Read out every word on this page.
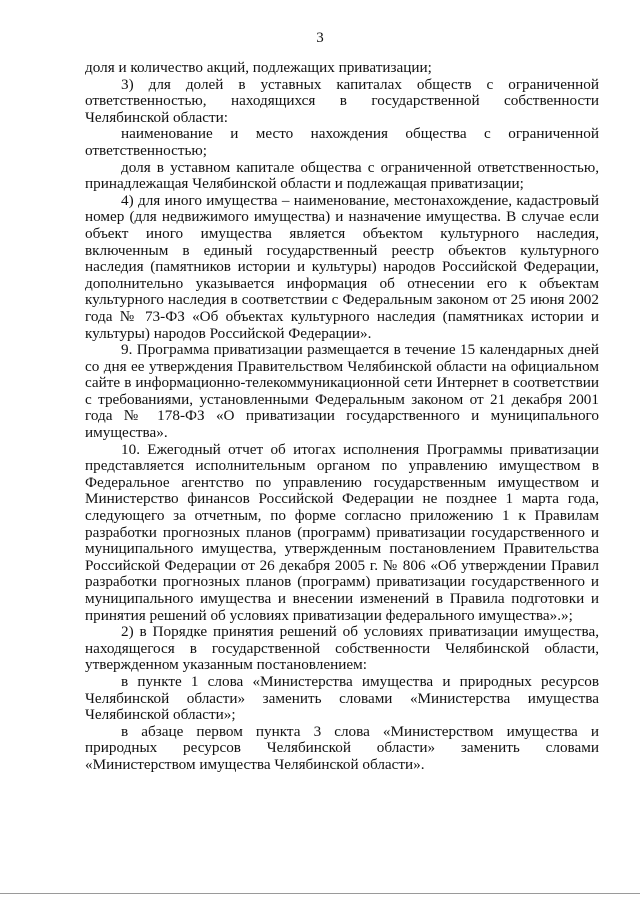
3

доля и количество акций, подлежащих приватизации;

3) для долей в уставных капиталах обществ с ограниченной ответственностью, находящихся в государственной собственности Челябинской области:

наименование и место нахождения общества с ограниченной ответственностью;

доля в уставном капитале общества с ограниченной ответственностью, принадлежащая Челябинской области и подлежащая приватизации;

4) для иного имущества – наименование, местонахождение, кадастровый номер (для недвижимого имущества) и назначение имущества. В случае если объект иного имущества является объектом культурного наследия, включенным в единый государственный реестр объектов культурного наследия (памятников истории и культуры) народов Российской Федерации, дополнительно указывается информация об отнесении его к объектам культурного наследия в соответствии с Федеральным законом от 25 июня 2002 года № 73-ФЗ «Об объектах культурного наследия (памятниках истории и культуры) народов Российской Федерации».

9. Программа приватизации размещается в течение 15 календарных дней со дня ее утверждения Правительством Челябинской области на официальном сайте в информационно-телекоммуникационной сети Интернет в соответствии с требованиями, установленными Федеральным законом от 21 декабря 2001 года № 178-ФЗ «О приватизации государственного и муниципального имущества».

10. Ежегодный отчет об итогах исполнения Программы приватизации представляется исполнительным органом по управлению имуществом в Федеральное агентство по управлению государственным имуществом и Министерство финансов Российской Федерации не позднее 1 марта года, следующего за отчетным, по форме согласно приложению 1 к Правилам разработки прогнозных планов (программ) приватизации государственного и муниципального имущества, утвержденным постановлением Правительства Российской Федерации от 26 декабря 2005 г. № 806 «Об утверждении Правил разработки прогнозных планов (программ) приватизации государственного и муниципального имущества и внесении изменений в Правила подготовки и принятия решений об условиях приватизации федерального имущества».»;

2) в Порядке принятия решений об условиях приватизации имущества, находящегося в государственной собственности Челябинской области, утвержденном указанным постановлением:

в пункте 1 слова «Министерства имущества и природных ресурсов Челябинской области» заменить словами «Министерства имущества Челябинской области»;

в абзаце первом пункта 3 слова «Министерством имущества и природных ресурсов Челябинской области» заменить словами «Министерством имущества Челябинской области».
